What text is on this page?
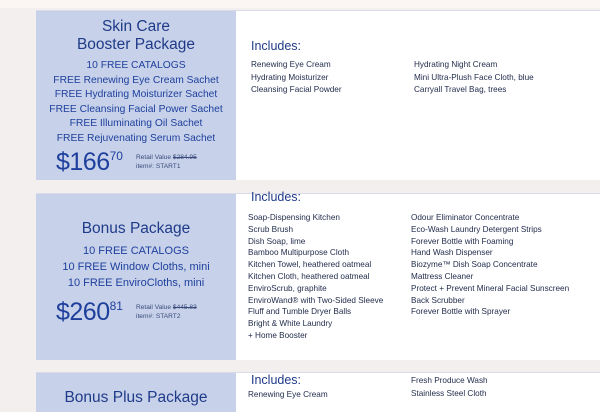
Skin Care
Booster Package
10 FREE CATALOGS
FREE Renewing Eye Cream Sachet
FREE Hydrating Moisturizer Sachet
FREE Cleansing Facial Power Sachet
FREE Illuminating Oil Sachet
FREE Rejuvenating Serum Sachet
$\$166^{70}$ Retail Value $284.95
item#: START1
Includes:
Renewing Eye Cream
Hydrating Moisturizer
Cleansing Facial Powder
Hydrating Night Cream
Mini Ultra-Plush Face Cloth, blue
Carryall Travel Bag, trees
Bonus Package
10 FREE CATALOGS
10 FREE Window Cloths, mini
10 FREE EnviroCloths, mini
$\$260^{81}$ Retail Value $445.83
item#: START2
Includes:
Soap-Dispensing Kitchen
Scrub Brush
Dish Soap, lime
Bamboo Multipurpose Cloth
Kitchen Towel, heathered oatmeal
Kitchen Cloth, heathered oatmeal
EnviroScrub, graphite
EnviroWand® with Two-Sided Sleeve
Fluff and Tumble Dryer Balls
Bright & White Laundry
+ Home Booster
Odour Eliminator Concentrate
Eco-Wash Laundry Detergent Strips
Forever Bottle with Foaming
Hand Wash Dispenser
Biozyme™ Dish Soap Concentrate
Mattress Cleaner
Protect + Prevent Mineral Facial Sunscreen
Back Scrubber
Forever Bottle with Sprayer
Bonus Plus Package
Includes:
Renewing Eye Cream
Fresh Produce Wash
Stainless Steel Cloth
